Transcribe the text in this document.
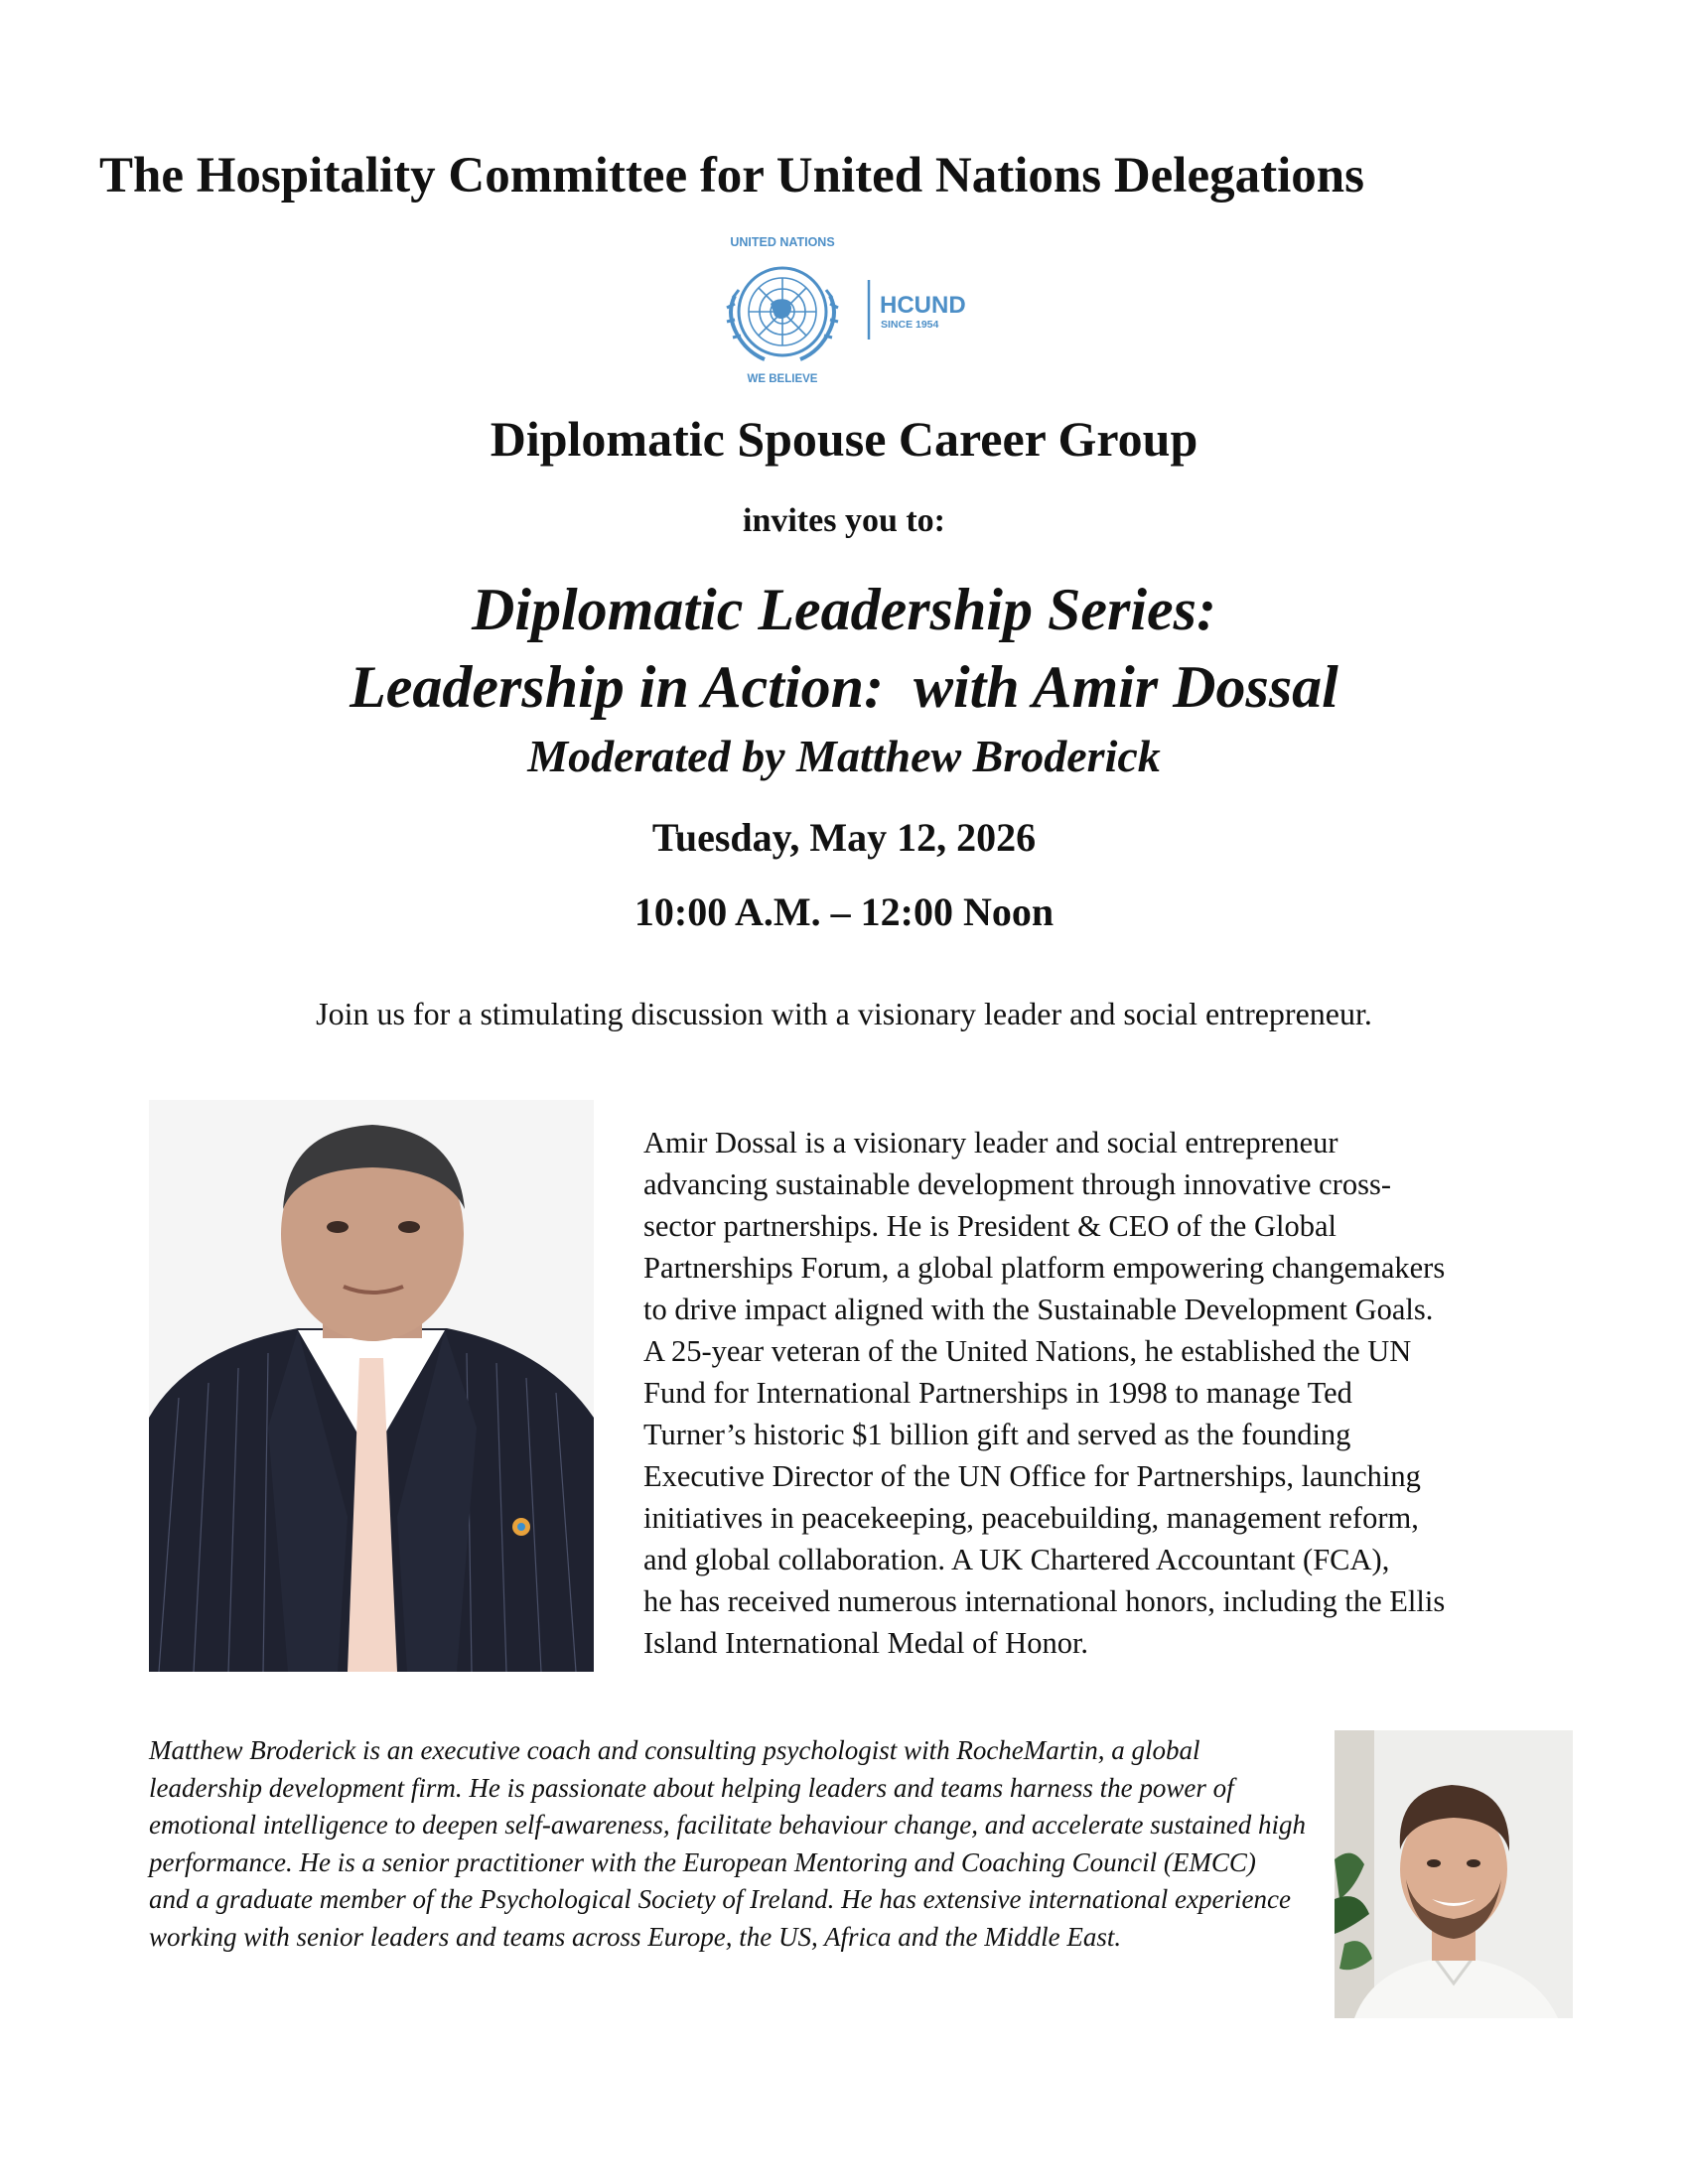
The Hospitality Committee for United Nations Delegations
UNITED NATIONS
WE BELIEVE
HCUND
SINCE 1954
Diplomatic Spouse Career Group
invites you to:
Diplomatic Leadership Series:
Leadership in Action:  with Amir Dossal
Moderated by Matthew Broderick
Tuesday, May 12, 2026
10:00 A.M. – 12:00 Noon
Join us for a stimulating discussion with a visionary leader and social entrepreneur.
Amir Dossal is a visionary leader and social entrepreneur
advancing sustainable development through innovative cross-
sector partnerships. He is President & CEO of the Global
Partnerships Forum, a global platform empowering changemakers
to drive impact aligned with the Sustainable Development Goals.
A 25-year veteran of the United Nations, he established the UN
Fund for International Partnerships in 1998 to manage Ted
Turner’s historic $1 billion gift and served as the founding
Executive Director of the UN Office for Partnerships, launching
initiatives in peacekeeping, peacebuilding, management reform,
and global collaboration. A UK Chartered Accountant (FCA),
he has received numerous international honors, including the Ellis
Island International Medal of Honor.
Matthew Broderick is an executive coach and consulting psychologist with RocheMartin, a global
leadership development firm. He is passionate about helping leaders and teams harness the power of
emotional intelligence to deepen self-awareness, facilitate behaviour change, and accelerate sustained high
performance. He is a senior practitioner with the European Mentoring and Coaching Council (EMCC)
and a graduate member of the Psychological Society of Ireland. He has extensive international experience
working with senior leaders and teams across Europe, the US, Africa and the Middle East.
